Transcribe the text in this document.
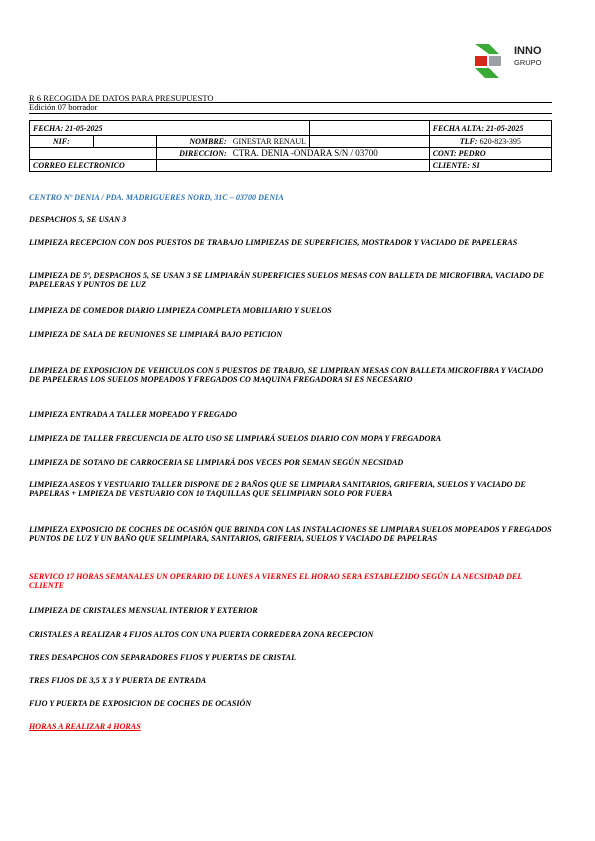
INNO
GRUPO
R 6 RECOGIDA DE DATOS PARA PRESUPUESTO
Edición 07 borrador
FECHA: 21-05-2025					FECHA ALTA: 21-05-2025
NIF:		NOMBRE:	GINESTAR RENAUL		TLF: 620-823-395
		DIRECCION:	CTRA. DENIA -ONDARA S/N / 03700		CONT: PEDRO
CORREO ELECTRONICO					CLIENTE: SI
CENTRO Nº DENIA / PDA. MADRIGUERES NORD, 31C – 03700 DENIA
DESPACHOS 5, SE USAN 3
LIMPIEZA RECEPCION CON DOS PUESTOS DE TRABAJO LIMPIEZAS DE SUPERFICIES, MOSTRADOR Y VACIADO DE PAPELERAS
LIMPIEZA DE 5º, DESPACHOS 5, SE USAN 3 SE LIMPIARÁN SUPERFICIES SUELOS MESAS CON BALLETA DE MICROFIBRA, VACIADO DE PAPELERAS Y PUNTOS DE LUZ
LIMPIEZA DE COMEDOR DIARIO LIMPIEZA COMPLETA MOBILIARIO Y SUELOS
LIMPIEZA DE SALA DE REUNIONES SE LIMPIARÁ BAJO PETICION
LIMPIEZA DE EXPOSICION DE VEHICULOS CON 5 PUESTOS DE TRABJO, SE LIMPIRAN MESAS CON BALLETA MICROFIBRA Y VACIADO DE PAPELERAS LOS SUELOS MOPEADOS Y FREGADOS CO MAQUINA FREGADORA SI ES NECESARIO
LIMPIEZA ENTRADA A TALLER MOPEADO Y FREGADO
LIMPIEZA DE TALLER FRECUENCIA DE ALTO USO SE LIMPIARÁ SUELOS DIARIO CON MOPA Y FREGADORA
LIMPIEZA DE SOTANO DE CARROCERIA SE LIMPIARÁ DOS VECES POR SEMAN SEGÚN NECSIDAD
LIMPIEZA ASEOS Y VESTUARIO TALLER DISPONE DE 2 BAÑOS QUE SE LIMPIARA SANITARIOS, GRIFERIA, SUELOS Y VACIADO DE PAPELRAS + LMPIEZA DE VESTUARIO CON 10 TAQUILLAS QUE SELIMPIARN SOLO POR FUERA
LIMPIEZA EXPOSICIO DE COCHES DE OCASIÓN QUE BRINDA CON LAS INSTALACIONES SE LIMPIARA SUELOS MOPEADOS Y FREGADOS PUNTOS DE LUZ Y UN BAÑO QUE SELIMPIARA, SANITARIOS, GRIFERIA, SUELOS Y VACIADO DE PAPELRAS
SERVICO 17 HORAS SEMANALES UN OPERARIO DE LUNES A VIERNES EL HORAO SERA ESTABLEZIDO SEGÚN LA NECSIDAD DEL CLIENTE
LIMPIEZA DE CRISTALES MENSUAL INTERIOR Y EXTERIOR
CRISTALES A REALIZAR 4 FIJOS ALTOS CON UNA PUERTA CORREDERA ZONA RECEPCION
TRES DESAPCHOS CON SEPARADORES FIJOS Y PUERTAS DE CRISTAL
TRES FIJOS DE 3,5 X 3 Y PUERTA DE ENTRADA
FIJO Y PUERTA DE EXPOSICION DE COCHES DE OCASIÓN
HORAS A REALIZAR 4 HORAS
